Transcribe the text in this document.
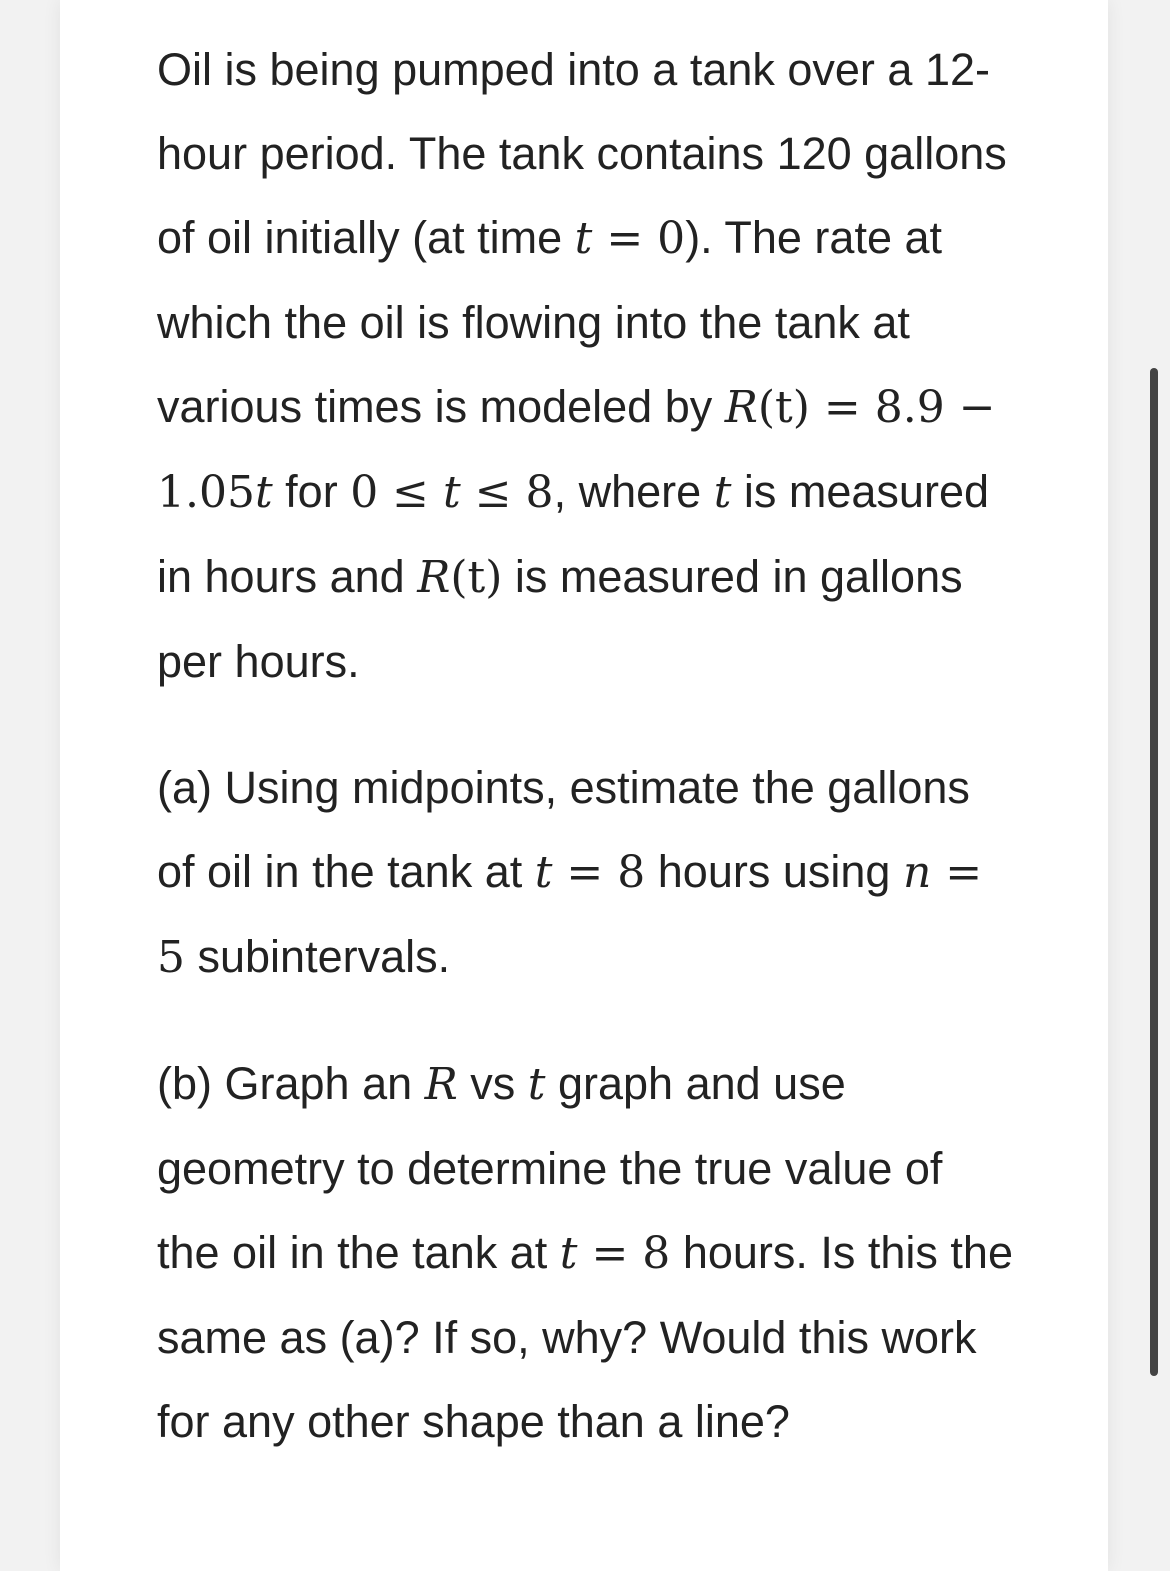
Oil is being pumped into a tank over a 12-hour period. The tank contains 120 gallons of oil initially (at time t = 0). The rate at which the oil is flowing into the tank at various times is modeled by R(t) = 8.9 − 1.05t for 0 ≤ t ≤ 8, where t is measured in hours and R(t) is measured in gallons per hours.

(a) Using midpoints, estimate the gallons of oil in the tank at t = 8 hours using n = 5 subintervals.

(b) Graph an R vs t graph and use geometry to determine the true value of the oil in the tank at t = 8 hours. Is this the same as (a)? If so, why? Would this work for any other shape than a line?
